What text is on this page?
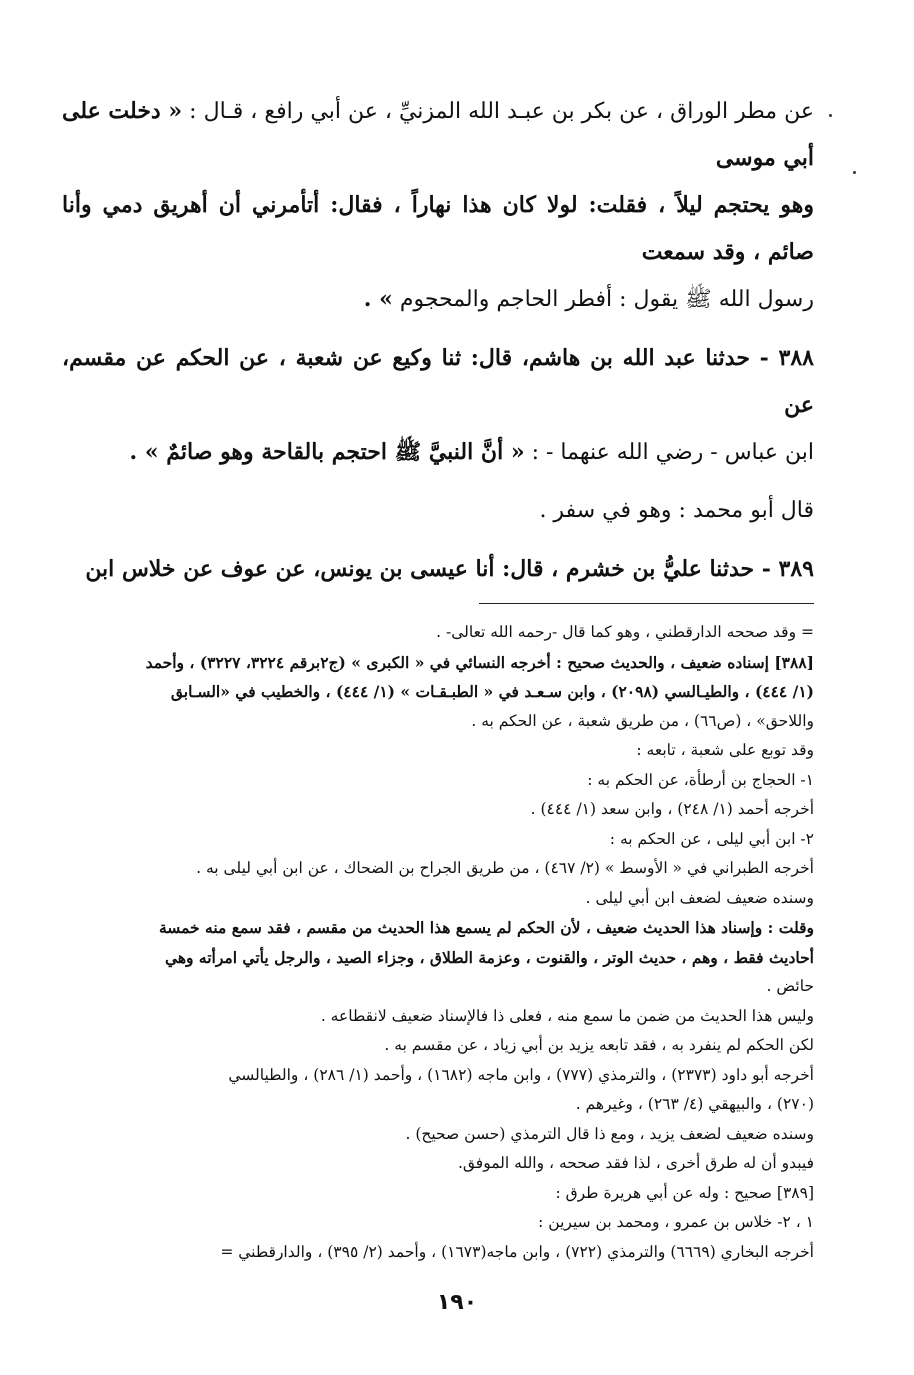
عن مطر الوراق ، عن بكر بن عبـد الله المزنيِّ ، عن أبي رافع ، قـال : « دخلت على أبي موسى
وهو يحتجم ليلاً ، فقلت: لولا كان هذا نهاراً ، فقال: أتأمرني أن أهريق دمي وأنا صائم ، وقد سمعت
رسول الله ﷺ يقول : أفطر الحاجم والمحجوم » .

٣٨٨ - حدثنا عبد الله بن هاشم، قال: ثنا وكيع عن شعبة ، عن الحكم عن مقسم، عن
ابن عباس - رضي الله عنهما - : « أنَّ النبيَّ ﷺ احتجم بالقاحة وهو صائمٌ » .

قال أبو محمد : وهو في سفر .

٣٨٩ - حدثنا عليُّ بن خشرم ، قال: أنا عيسى بن يونس، عن عوف عن خلاس ابن

= وقد صححه الدارقطني ، وهو كما قال -رحمه الله تعالى- .

[٣٨٨] إسناده ضعيف ، والحديث صحيح : أخرجه النسائي في « الكبرى » (ج٢برقم ٣٢٢٤، ٣٢٢٧) ، وأحمد

(١/ ٤٤٤) ، والطيـالسي (٢٠٩٨) ، وابن سـعـد في « الطبـقـات » (١/ ٤٤٤) ، والخطيب في «السـابق

واللاحق» ، (ص٦٦) ، من طريق شعبة ، عن الحكم به .

وقد توبع على شعبة ، تابعه :

١- الحجاج بن أرطأة، عن الحكم به :

أخرجه أحمد (١/ ٢٤٨) ، وابن سعد (١/ ٤٤٤) .

٢- ابن أبي ليلى ، عن الحكم به :

أخرجه الطبراني في « الأوسط » (٢/ ٤٦٧) ، من طريق الجراح بن الضحاك ، عن ابن أبي ليلى به .

وسنده ضعيف لضعف ابن أبي ليلى .

وقلت : وإسناد هذا الحديث ضعيف ، لأن الحكم لم يسمع هذا الحديث من مقسم ، فقد سمع منه خمسة

أحاديث فقط ، وهم ، حديث الوتر ، والقنوت ، وعزمة الطلاق ، وجزاء الصيد ، والرجل يأتي امرأته وهي

حائض .

وليس هذا الحديث من ضمن ما سمع منه ، فعلى ذا فالإسناد ضعيف لانقطاعه .

لكن الحكم لم ينفرد به ، فقد تابعه يزيد بن أبي زياد ، عن مقسم به .

أخرجه أبو داود (٢٣٧٣) ، والترمذي (٧٧٧) ، وابن ماجه (١٦٨٢) ، وأحمد (١/ ٢٨٦) ، والطيالسي

(٢٧٠) ، والبيهقي (٤/ ٢٦٣) ، وغيرهم .

وسنده ضعيف لضعف يزيد ، ومع ذا قال الترمذي (حسن صحيح) .

فيبدو أن له طرق أخرى ، لذا فقد صححه ، والله الموفق.

[٣٨٩] صحيح : وله عن أبي هريرة طرق :

١ ، ٢- خلاس بن عمرو ، ومحمد بن سيرين :

أخرجه البخاري (٦٦٦٩) والترمذي (٧٢٢) ، وابن ماجه(١٦٧٣) ، وأحمد (٢/ ٣٩٥) ، والدارقطني =

١٩٠
